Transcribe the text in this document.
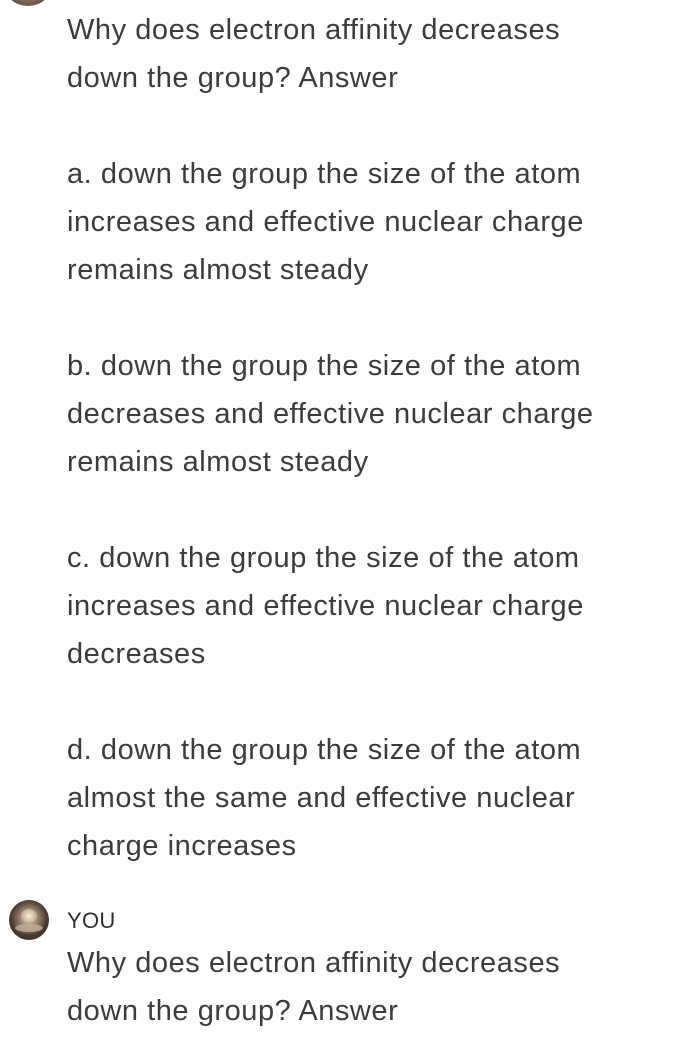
Why does electron affinity decreases

down the group? Answer

a. down the group the size of the atom

increases and effective nuclear charge

remains almost steady

b. down the group the size of the atom

decreases and effective nuclear charge

remains almost steady

c. down the group the size of the atom

increases and effective nuclear charge

decreases

d. down the group the size of the atom

almost the same and effective nuclear

charge increases

YOU

Why does electron affinity decreases

down the group? Answer
